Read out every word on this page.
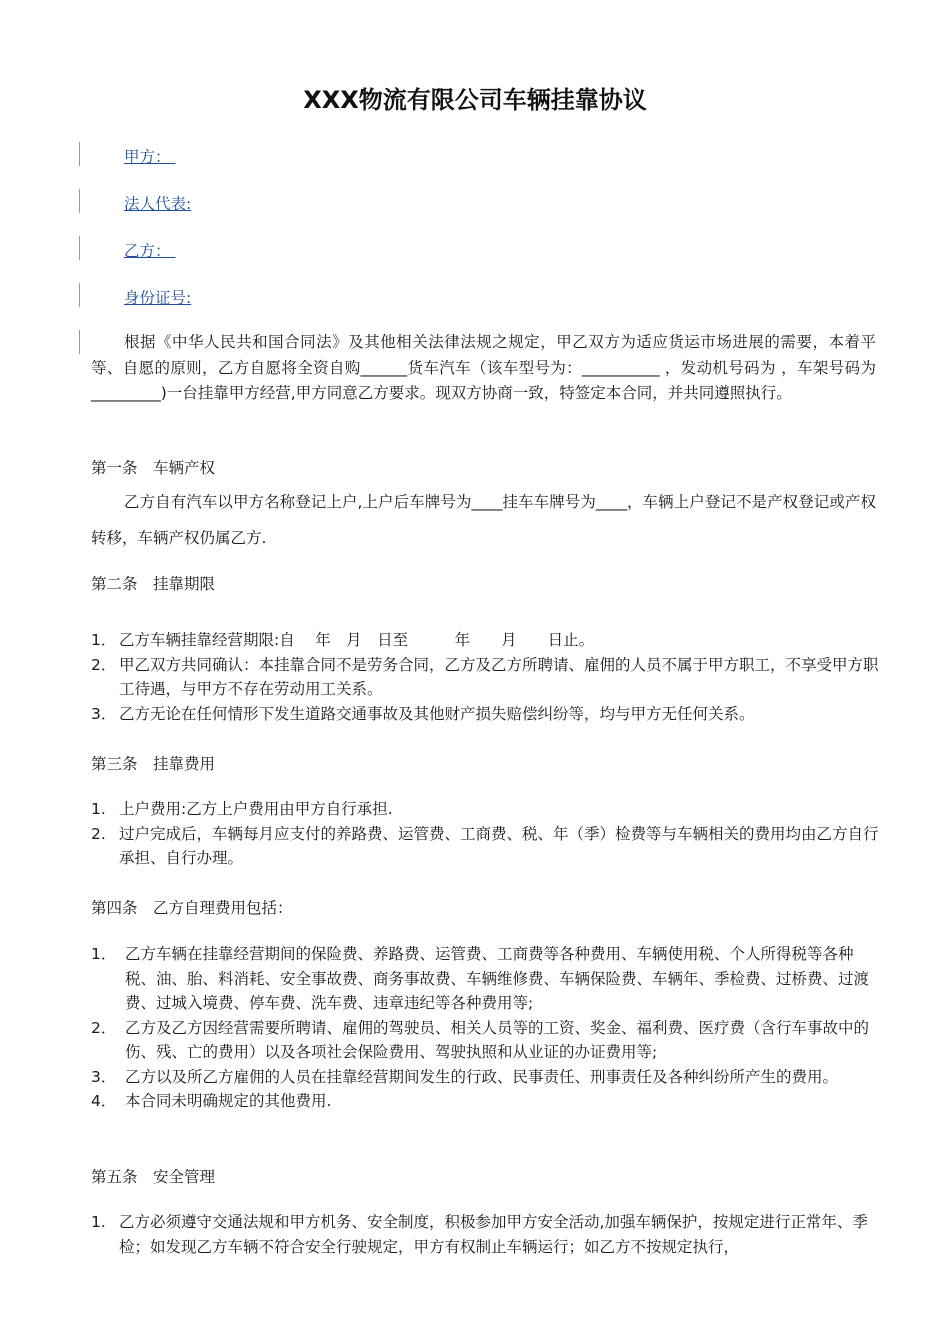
XXX物流有限公司车辆挂靠协议
甲方：
法人代表:
乙方：
身份证号:
根据《中华人民共和国合同法》及其他相关法律法规之规定，甲乙双方为适应货运市场进展的需要，本着平等、自愿的原则，乙方自愿将全资自购______货车汽车（该车型号为：__________ ，发动机号码为 ，车架号码为_________)一台挂靠甲方经营,甲方同意乙方要求。现双方协商一致，特签定本合同，并共同遵照执行。
第一条　车辆产权
乙方自有汽车以甲方名称登记上户,上户后车牌号为____挂车车牌号为____，车辆上户登记不是产权登记或产权转移，车辆产权仍属乙方.
第二条　挂靠期限
1． 乙方车辆挂靠经营期限:自　 年　月　日至　　　年　　月　　日止。
2． 甲乙双方共同确认：本挂靠合同不是劳务合同，乙方及乙方所聘请、雇佣的人员不属于甲方职工，不享受甲方职工待遇，与甲方不存在劳动用工关系。
3． 乙方无论在任何情形下发生道路交通事故及其他财产损失赔偿纠纷等，均与甲方无任何关系。
第三条　挂靠费用
1. 上户费用:乙方上户费用由甲方自行承担.
2. 过户完成后，车辆每月应支付的养路费、运管费、工商费、税、年（季）检费等与车辆相关的费用均由乙方自行承担、自行办理。
第四条　乙方自理费用包括：
1． 乙方车辆在挂靠经营期间的保险费、养路费、运管费、工商费等各种费用、车辆使用税、个人所得税等各种税、油、胎、料消耗、安全事故费、商务事故费、车辆维修费、车辆保险费、车辆年、季检费、过桥费、过渡费、过城入境费、停车费、洗车费、违章违纪等各种费用等;
2． 乙方及乙方因经营需要所聘请、雇佣的驾驶员、相关人员等的工资、奖金、福利费、医疗费（含行车事故中的伤、残、亡的费用）以及各项社会保险费用、驾驶执照和从业证的办证费用等;
3． 乙方以及所乙方雇佣的人员在挂靠经营期间发生的行政、民事责任、刑事责任及各种纠纷所产生的费用。
4． 本合同未明确规定的其他费用.
第五条　安全管理
1. 乙方必须遵守交通法规和甲方机务、安全制度，积极参加甲方安全活动,加强车辆保护，按规定进行正常年、季检；如发现乙方车辆不符合安全行驶规定，甲方有权制止车辆运行；如乙方不按规定执行，
